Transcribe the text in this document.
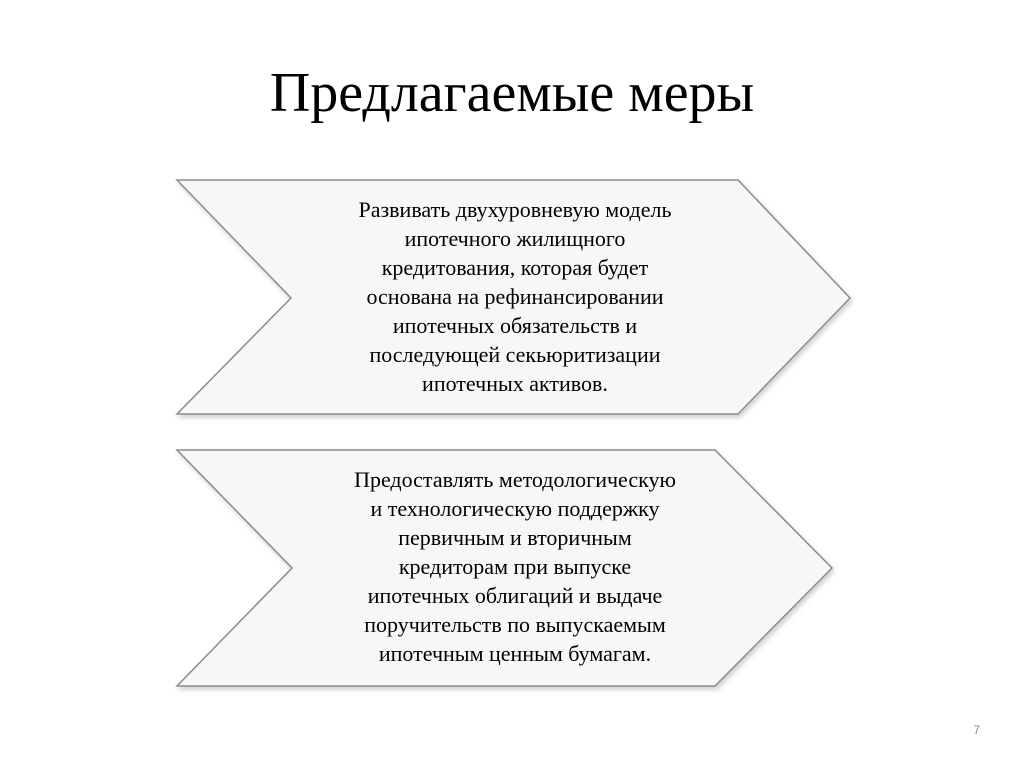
Предлагаемые меры

Развивать двухуровневую модель
ипотечного жилищного
кредитования, которая будет
основана на рефинансировании
ипотечных обязательств и
последующей секьюритизации
ипотечных активов.

Предоставлять методологическую
и технологическую поддержку
первичным и вторичным
кредиторам при выпуске
ипотечных облигаций и выдаче
поручительств по выпускаемым
ипотечным ценным бумагам.

7
